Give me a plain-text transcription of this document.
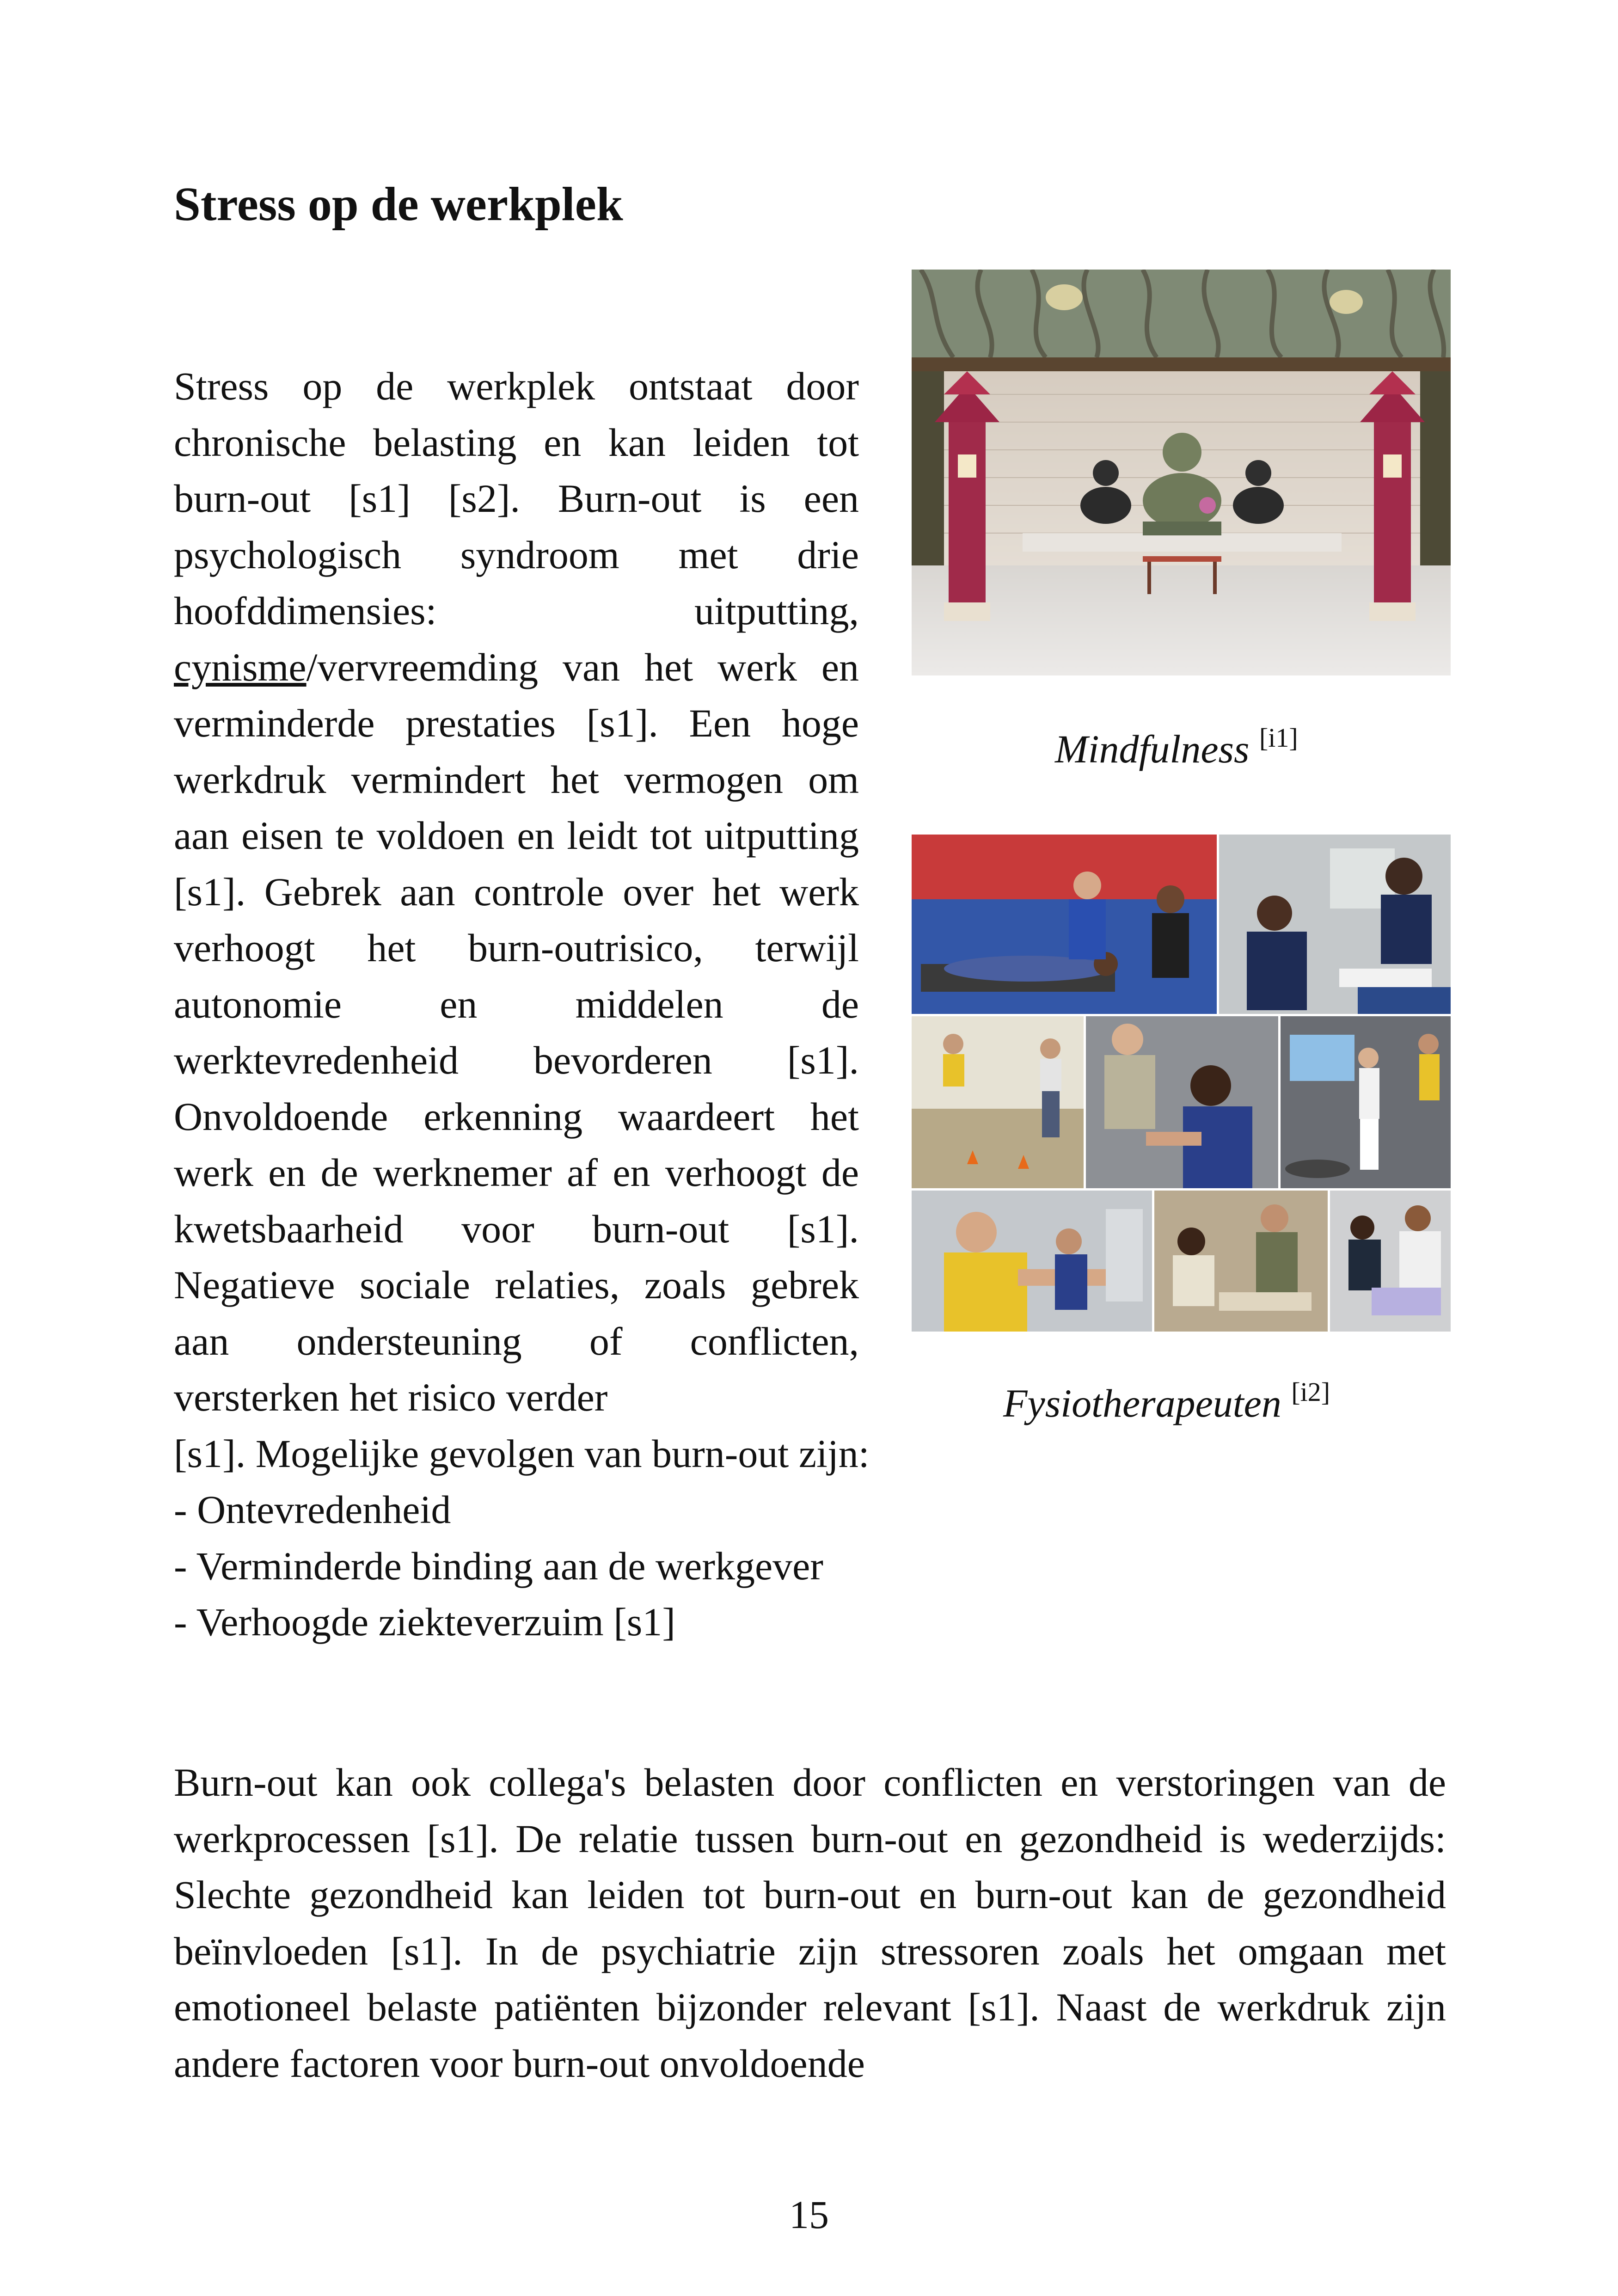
Stress op de werkplek
Stress op de werkplek ontstaat door chronische belasting en kan leiden tot burn-out [s1] [s2]. Burn-out is een psychologisch syndroom met drie hoofddimensies: uitputting, cynisme/vervreemding van het werk en verminderde prestaties [s1]. Een hoge werkdruk vermindert het vermogen om aan eisen te voldoen en leidt tot uitputting [s1]. Gebrek aan controle over het werk verhoogt het burn-outrisico, terwijl autonomie en middelen de werktevredenheid bevorderen [s1]. Onvoldoende erkenning waardeert het werk en de werknemer af en verhoogt de kwetsbaarheid voor burn-out [s1]. Negatieve sociale relaties, zoals gebrek aan ondersteuning of conflicten, versterken het risico verder
[s1]. Mogelijke gevolgen van burn-out zijn:
- Ontevredenheid
- Verminderde binding aan de werkgever
- Verhoogde ziekteverzuim [s1]
Burn-out kan ook collega's belasten door conflicten en verstoringen van de werkprocessen [s1]. De relatie tussen burn-out en gezondheid is wederzijds: Slechte gezondheid kan leiden tot burn-out en burn-out kan de gezondheid beïnvloeden [s1]. In de psychiatrie zijn stressoren zoals het omgaan met emotioneel belaste patiënten bijzonder relevant [s1]. Naast de werkdruk zijn andere factoren voor burn-out onvoldoende
Mindfulness [i1]
Fysiotherapeuten [i2]
15
